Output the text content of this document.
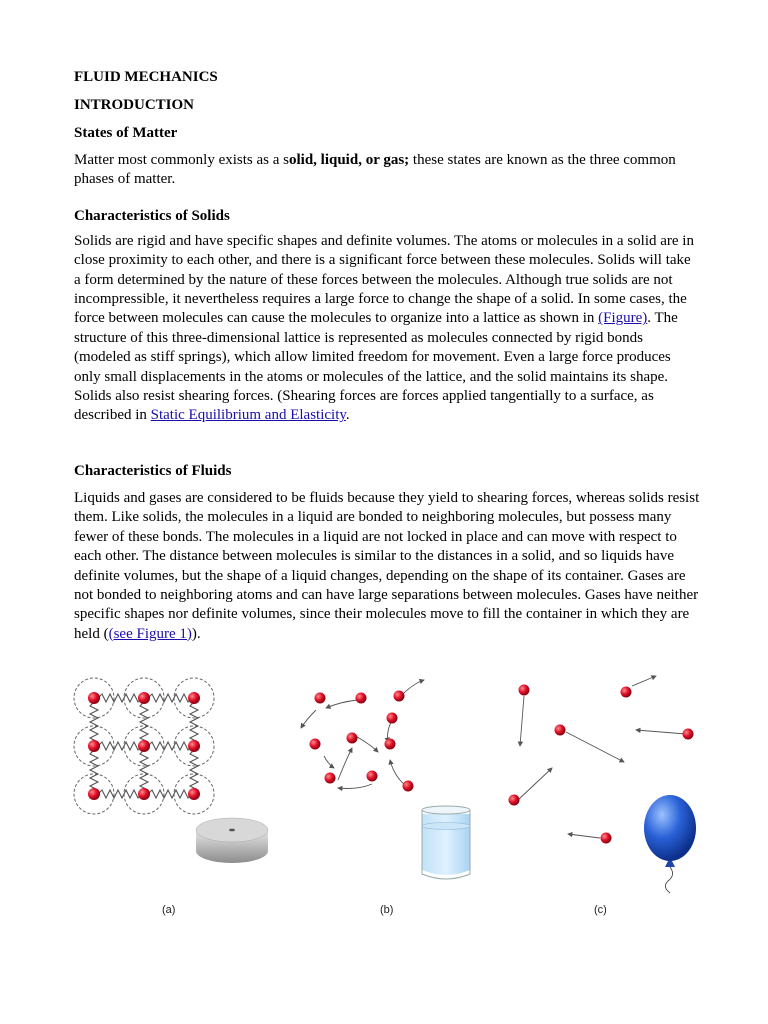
FLUID MECHANICS
INTRODUCTION
States of Matter

Matter most commonly exists as a solid, liquid, or gas; these states are known as the three common phases of matter.

Characteristics of Solids

Solids are rigid and have specific shapes and definite volumes. The atoms or molecules in a solid are in close proximity to each other, and there is a significant force between these molecules. Solids will take a form determined by the nature of these forces between the molecules. Although true solids are not incompressible, it nevertheless requires a large force to change the shape of a solid. In some cases, the force between molecules can cause the molecules to organize into a lattice as shown in (Figure). The structure of this three-dimensional lattice is represented as molecules connected by rigid bonds (modeled as stiff springs), which allow limited freedom for movement. Even a large force produces only small displacements in the atoms or molecules of the lattice, and the solid maintains its shape. Solids also resist shearing forces. (Shearing forces are forces applied tangentially to a surface, as described in Static Equilibrium and Elasticity.

Characteristics of Fluids

Liquids and gases are considered to be fluids because they yield to shearing forces, whereas solids resist them. Like solids, the molecules in a liquid are bonded to neighboring molecules, but possess many fewer of these bonds. The molecules in a liquid are not locked in place and can move with respect to each other. The distance between molecules is similar to the distances in a solid, and so liquids have definite volumes, but the shape of a liquid changes, depending on the shape of its container. Gases are not bonded to neighboring atoms and can have large separations between molecules. Gases have neither specific shapes nor definite volumes, since their molecules move to fill the container in which they are held ((see Figure 1)).

(a)	(b)	(c)
